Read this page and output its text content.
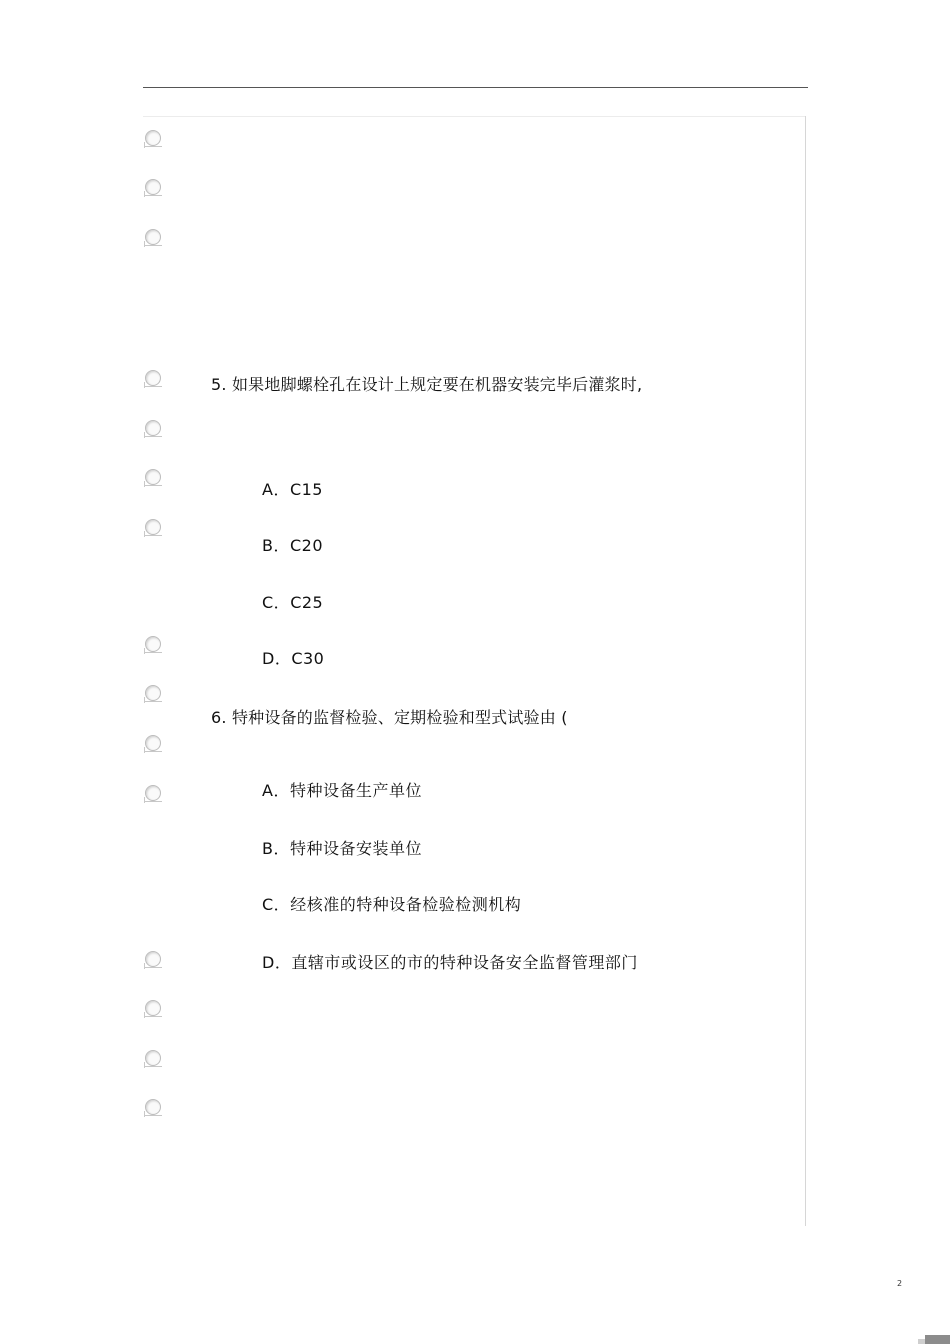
5. 如果地脚螺栓孔在设计上规定要在机器安装完毕后灌浆时,
A．C15
B．C20
C．C25
D．C30
6. 特种设备的监督检验、定期检验和型式试验由 (
A．特种设备生产单位
B．特种设备安装单位
C．经核准的特种设备检验检测机构
D．直辖市或设区的市的特种设备安全监督管理部门
2
